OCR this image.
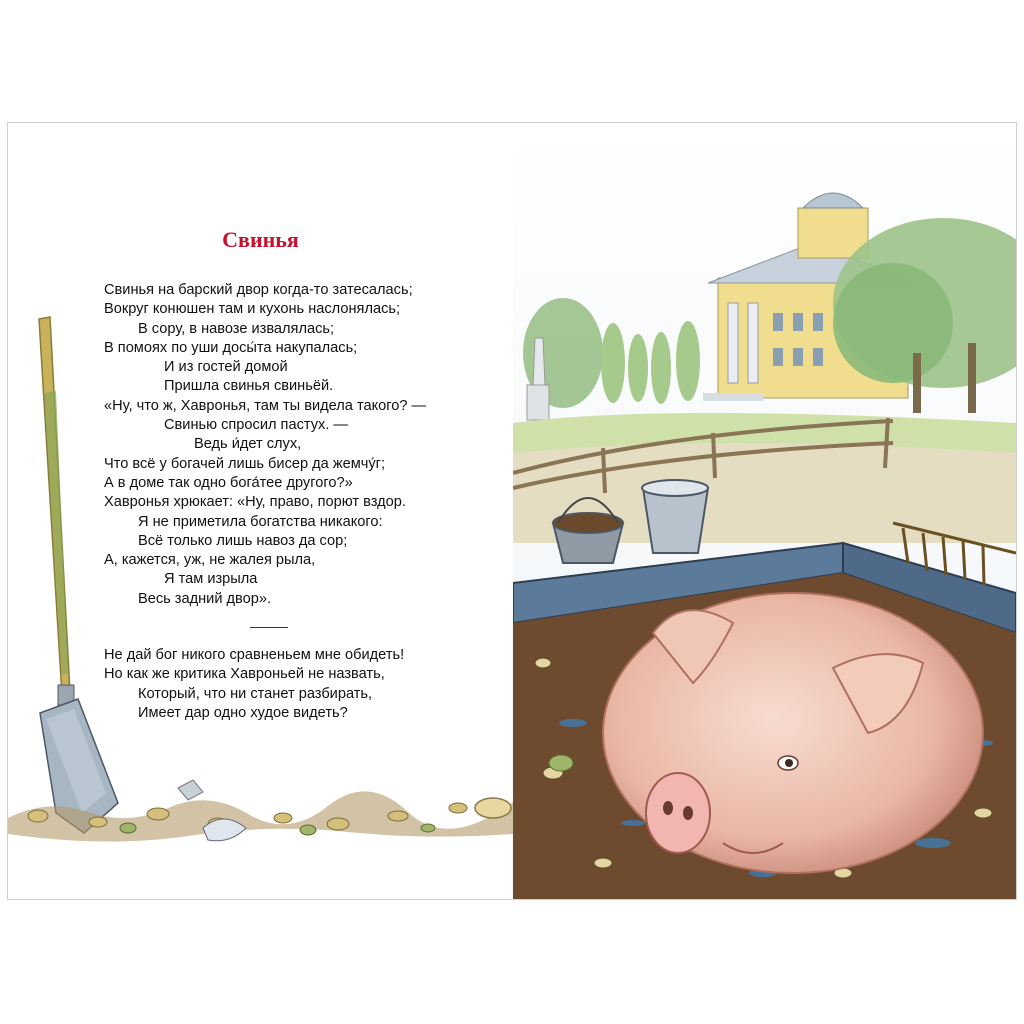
Свинья
Свинья на барский двор когда-то затесалась;
Вокруг конюшен там и кухонь наслонялась;
В сору, в навозе извалялась;
В помоях по уши досы́та накупалась;
И из гостей домой
Пришла свинья свиньёй.
«Ну, что ж, Хавронья, там ты видела такого? —
Свинью спросил пастух. —
Ведь и́дет слух,
Что всё у богачей лишь бисер да жемчу́г;
А в доме так одно бога́тее другого?»
Хавронья хрюкает: «Ну, право, порют вздор.
Я не приметила богатства никакого:
Всё только лишь навоз да сор;
А, кажется, уж, не жалея рыла,
Я там изрыла
Весь задний двор».
Не дай бог никого сравненьем мне обидеть!
Но как же критика Хавроньей не назвать,
Который, что ни станет разбирать,
Имеет дар одно худое видеть?
